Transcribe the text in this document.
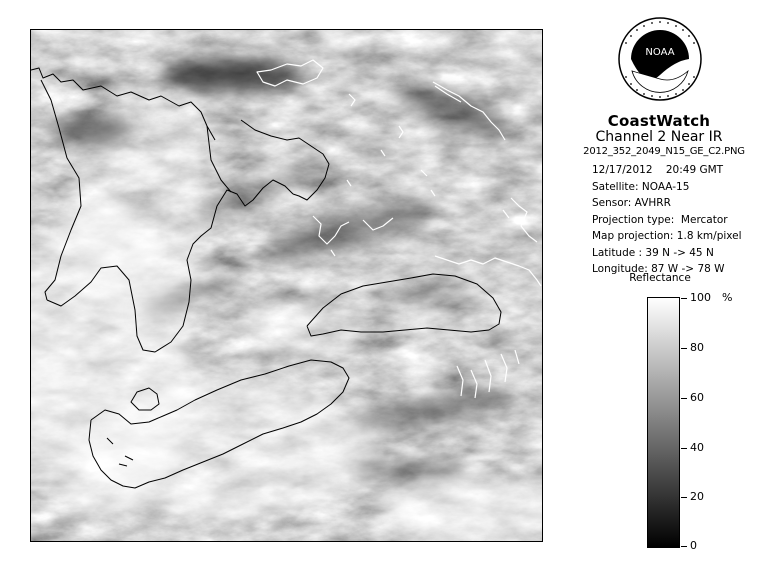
NOAA
CoastWatch
Channel 2 Near IR
2012_352_2049_N15_GE_C2.PNG
12/17/2012    20:49 GMT
Satellite: NOAA-15
Sensor: AVHRR
Projection type:  Mercator
Map projection: 1.8 km/pixel
Latitude : 39 N -> 45 N
Longitude: 87 W -> 78 W
Reflectance
%
100
80
60
40
20
0
